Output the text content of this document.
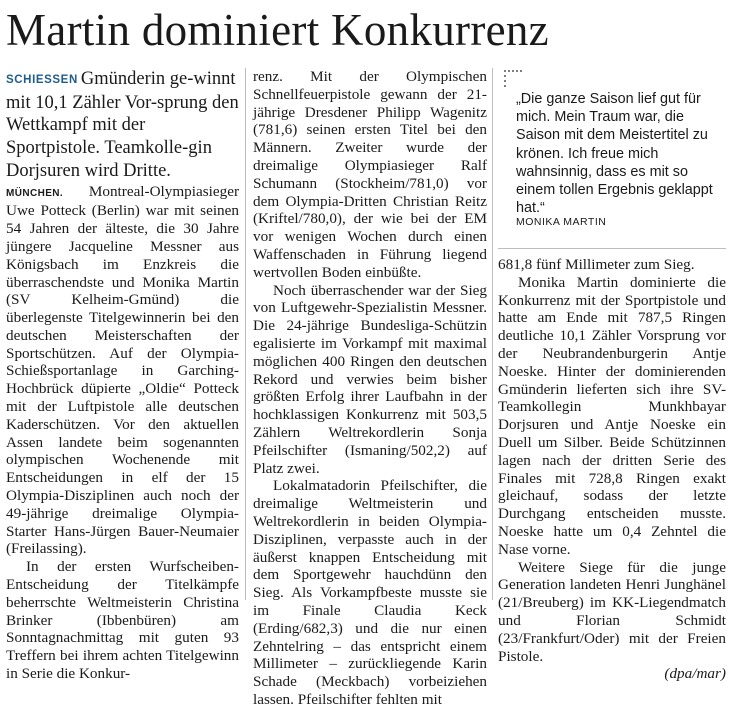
Martin dominiert Konkurrenz

SCHIESSEN Gmünderin ge-winnt mit 10,1 Zähler Vor-sprung den Wettkampf mit der Sportpistole. Teamkolle-gin Dorjsuren wird Dritte.

MÜNCHEN. Montreal-Olympiasieger Uwe Potteck (Berlin) war mit seinen 54 Jahren der älteste, die 30 Jahre jüngere Jacqueline Messner aus Königsbach im Enzkreis die überraschendste und Monika Martin (SV Kelheim-Gmünd) die überlegenste Titelgewinnerin bei den deutschen Meisterschaften der Sportschützen. Auf der Olympia-Schießsportanlage in Garching-Hochbrück düpierte „Oldie“ Potteck mit der Luftpistole alle deutschen Kaderschützen. Vor den aktuellen Assen landete beim sogenannten olympischen Wochenende mit Entscheidungen in elf der 15 Olympia-Disziplinen auch noch der 49-jährige dreimalige Olympia-Starter Hans-Jürgen Bauer-Neumaier (Freilassing).

In der ersten Wurfscheiben-Entscheidung der Titelkämpfe beherrschte Weltmeisterin Christina Brinker (Ibbenbüren) am Sonntagnachmittag mit guten 93 Treffern bei ihrem achten Titelgewinn in Serie die Konkur-

renz. Mit der Olympischen Schnellfeuerpistole gewann der 21-jährige Dresdener Philipp Wagenitz (781,6) seinen ersten Titel bei den Männern. Zweiter wurde der dreimalige Olympiasieger Ralf Schumann (Stockheim/781,0) vor dem Olympia-Dritten Christian Reitz (Kriftel/780,0), der wie bei der EM vor wenigen Wochen durch einen Waffenschaden in Führung liegend wertvollen Boden einbüßte.

Noch überraschender war der Sieg von Luftgewehr-Spezialistin Messner. Die 24-jährige Bundesliga-Schützin egalisierte im Vorkampf mit maximal möglichen 400 Ringen den deutschen Rekord und verwies beim bisher größten Erfolg ihrer Laufbahn in der hochklassigen Konkurrenz mit 503,5 Zählern Weltrekordlerin Sonja Pfeilschifter (Ismaning/502,2) auf Platz zwei.

Lokalmatadorin Pfeilschifter, die dreimalige Weltmeisterin und Weltrekordlerin in beiden Olympia-Disziplinen, verpasste auch in der äußerst knappen Entscheidung mit dem Sportgewehr hauchdünn den Sieg. Als Vorkampfbeste musste sie im Finale Claudia Keck (Erding/682,3) und die nur einen Zehntelring – das entspricht einem Millimeter – zurückliegende Karin Schade (Meckbach) vorbeiziehen lassen. Pfeilschifter fehlten mit

„Die ganze Saison lief gut für mich. Mein Traum war, die Saison mit dem Meistertitel zu krönen. Ich freue mich wahnsinnig, dass es mit so einem tollen Ergebnis geklappt hat.“
MONIKA MARTIN

681,8 fünf Millimeter zum Sieg.

Monika Martin dominierte die Konkurrenz mit der Sportpistole und hatte am Ende mit 787,5 Ringen deutliche 10,1 Zähler Vorsprung vor der Neubrandenburgerin Antje Noeske. Hinter der dominierenden Gmünderin lieferten sich ihre SV-Teamkollegin Munkhbayar Dorjsuren und Antje Noeske ein Duell um Silber. Beide Schützinnen lagen nach der dritten Serie des Finales mit 728,8 Ringen exakt gleichauf, sodass der letzte Durchgang entscheiden musste. Noeske hatte um 0,4 Zehntel die Nase vorne.

Weitere Siege für die junge Generation landeten Henri Junghänel (21/Breuberg) im KK-Liegendmatch und Florian Schmidt (23/Frankfurt/Oder) mit der Freien Pistole.

(dpa/mar)
